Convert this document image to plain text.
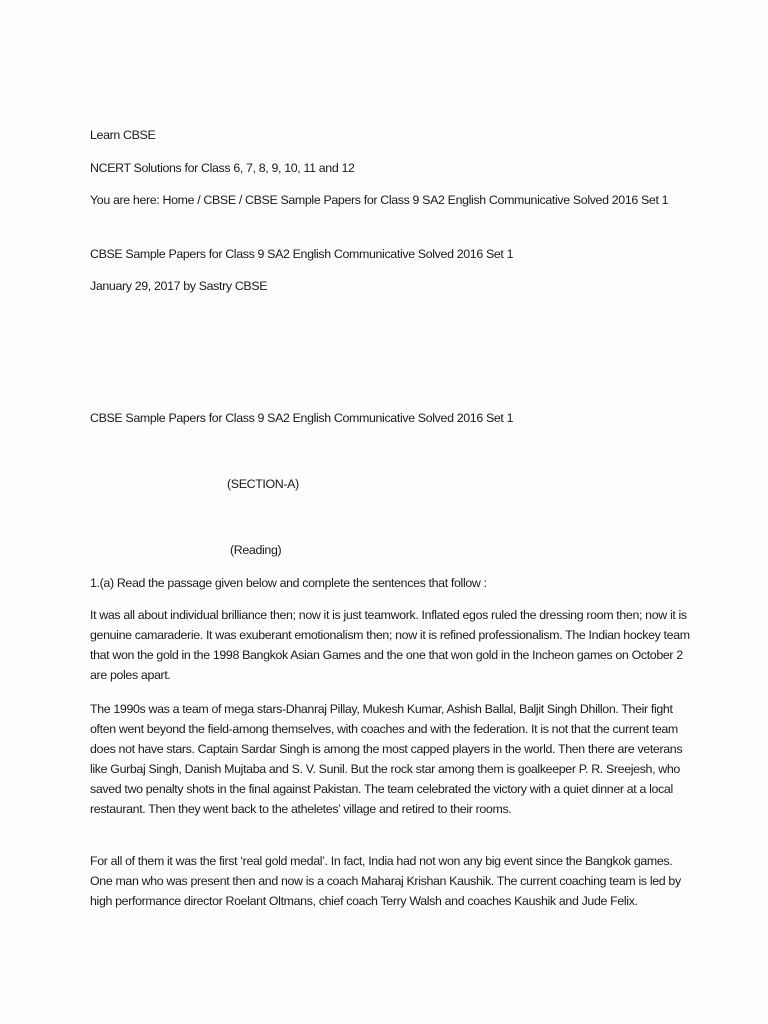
Learn CBSE
NCERT Solutions for Class 6, 7, 8, 9, 10, 11 and 12
You are here: Home / CBSE / CBSE Sample Papers for Class 9 SA2 English Communicative Solved 2016 Set 1
CBSE Sample Papers for Class 9 SA2 English Communicative Solved 2016 Set 1
January 29, 2017 by Sastry CBSE
CBSE Sample Papers for Class 9 SA2 English Communicative Solved 2016 Set 1
(SECTION-A)
(Reading)
1.(a) Read the passage given below and complete the sentences that follow :
It was all about individual brilliance then; now it is just teamwork. Inflated egos ruled the dressing room then; now it is genuine camaraderie. It was exuberant emotionalism then; now it is refined professionalism. The Indian hockey team that won the gold in the 1998 Bangkok Asian Games and the one that won gold in the Incheon games on October 2 are poles apart.
The 1990s was a team of mega stars-Dhanraj Pillay, Mukesh Kumar, Ashish Ballal, Baljit Singh Dhillon. Their fight often went beyond the field-among themselves, with coaches and with the federation. It is not that the current team does not have stars. Captain Sardar Singh is among the most capped players in the world. Then there are veterans like Gurbaj Singh, Danish Mujtaba and S. V. Sunil. But the rock star among them is goalkeeper P. R. Sreejesh, who saved two penalty shots in the final against Pakistan. The team celebrated the victory with a quiet dinner at a local restaurant. Then they went back to the atheletes’ village and retired to their rooms.
For all of them it was the first ‘real gold medal’. In fact, India had not won any big event since the Bangkok games. One man who was present then and now is a coach Maharaj Krishan Kaushik. The current coaching team is led by high performance director Roelant Oltmans, chief coach Terry Walsh and coaches Kaushik and Jude Felix.
